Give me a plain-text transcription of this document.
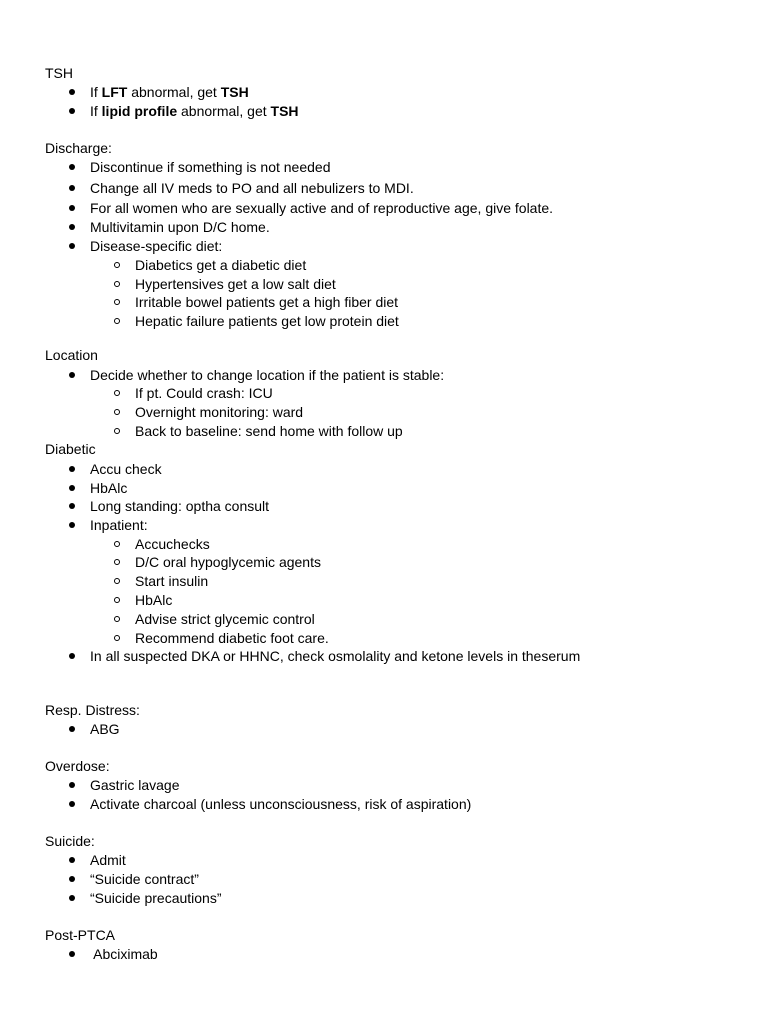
TSH
If LFT abnormal, get TSH
If lipid profile abnormal, get TSH
Discharge:
Discontinue if something is not needed
Change all IV meds to PO and all nebulizers to MDI.
For all women who are sexually active and of reproductive age, give folate.
Multivitamin upon D/C home.
Disease-specific diet:
Diabetics get a diabetic diet
Hypertensives get a low salt diet
Irritable bowel patients get a high fiber diet
Hepatic failure patients get low protein diet
Location
Decide whether to change location if the patient is stable:
If pt. Could crash: ICU
Overnight monitoring: ward
Back to baseline: send home with follow up
Diabetic
Accu check
HbAlc
Long standing: optha consult
Inpatient:
Accuchecks
D/C oral hypoglycemic agents
Start insulin
HbAlc
Advise strict glycemic control
Recommend diabetic foot care.
In all suspected DKA or HHNC, check osmolality and ketone levels in theserum
Resp. Distress:
ABG
Overdose:
Gastric lavage
Activate charcoal (unless unconsciousness, risk of aspiration)
Suicide:
Admit
“Suicide contract”
“Suicide precautions”
Post-PTCA
Abciximab
